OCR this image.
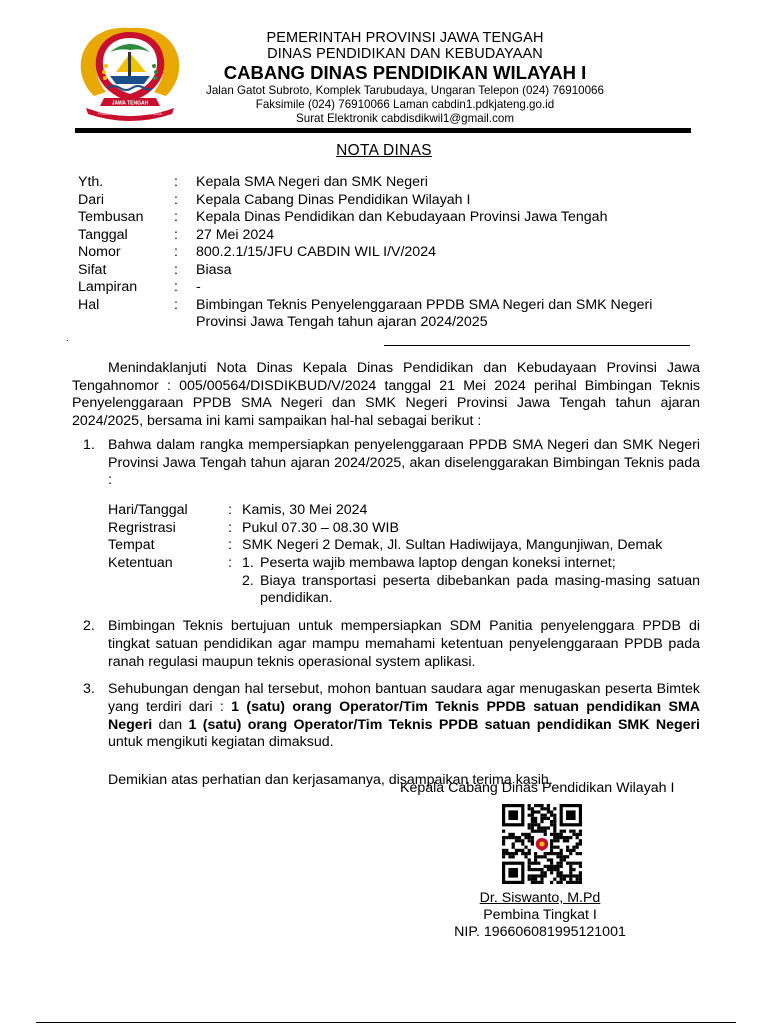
JAWA TENGAH
PRASETYA ULAH SAKTI BHAKTI PRAJA
PEMERINTAH PROVINSI JAWA TENGAH
DINAS PENDIDIKAN DAN KEBUDAYAAN
CABANG DINAS PENDIDIKAN WILAYAH I
Jalan Gatot Subroto, Komplek Tarubudaya, Ungaran Telepon (024) 76910066
Faksimile (024) 76910066 Laman cabdin1.pdkjateng.go.id
Surat Elektronik cabdisdikwil1@gmail.com
NOTA DINAS
Yth.	:	Kepala SMA Negeri dan SMK Negeri
Dari	:	Kepala Cabang Dinas Pendidikan Wilayah I
Tembusan	:	Kepala Dinas Pendidikan dan Kebudayaan Provinsi Jawa Tengah
Tanggal	:	27 Mei 2024
Nomor	:	800.2.1/15/JFU CABDIN WIL I/V/2024
Sifat	:	Biasa
Lampiran	:	-
Hal	:	Bimbingan Teknis Penyelenggaraan PPDB SMA Negeri dan SMK Negeri Provinsi Jawa Tengah tahun ajaran 2024/2025
.
Menindaklanjuti Nota Dinas Kepala Dinas Pendidikan dan Kebudayaan Provinsi Jawa Tengahnomor : 005/00564/DISDIKBUD/V/2024 tanggal 21 Mei 2024 perihal Bimbingan Teknis Penyelenggaraan PPDB SMA Negeri dan SMK Negeri Provinsi Jawa Tengah tahun ajaran 2024/2025, bersama ini kami sampaikan hal-hal sebagai berikut :
1. Bahwa dalam rangka mempersiapkan penyelenggaraan PPDB SMA Negeri dan SMK Negeri Provinsi Jawa Tengah tahun ajaran 2024/2025, akan diselenggarakan Bimbingan Teknis pada :
Hari/Tanggal	: Kamis, 30 Mei 2024
Regristrasi	: Pukul 07.30 – 08.30 WIB
Tempat	: SMK Negeri 2 Demak, Jl. Sultan Hadiwijaya, Mangunjiwan, Demak
Ketentuan	: 1. Peserta wajib membawa laptop dengan koneksi internet;
2. Biaya transportasi peserta dibebankan pada masing-masing satuan pendidikan.
2. Bimbingan Teknis bertujuan untuk mempersiapkan SDM Panitia penyelenggara PPDB di tingkat satuan pendidikan agar mampu memahami ketentuan penyelenggaraan PPDB pada ranah regulasi maupun teknis operasional system aplikasi.
3. Sehubungan dengan hal tersebut, mohon bantuan saudara agar menugaskan peserta Bimtek yang terdiri dari : 1 (satu) orang Operator/Tim Teknis PPDB satuan pendidikan SMA Negeri dan 1 (satu) orang Operator/Tim Teknis PPDB satuan pendidikan SMK Negeri untuk mengikuti kegiatan dimaksud.
Demikian atas perhatian dan kerjasamanya, disampaikan terima kasih.
Kepala Cabang Dinas Pendidikan Wilayah I
Dr. Siswanto, M.Pd
Pembina Tingkat I
NIP. 196606081995121001
